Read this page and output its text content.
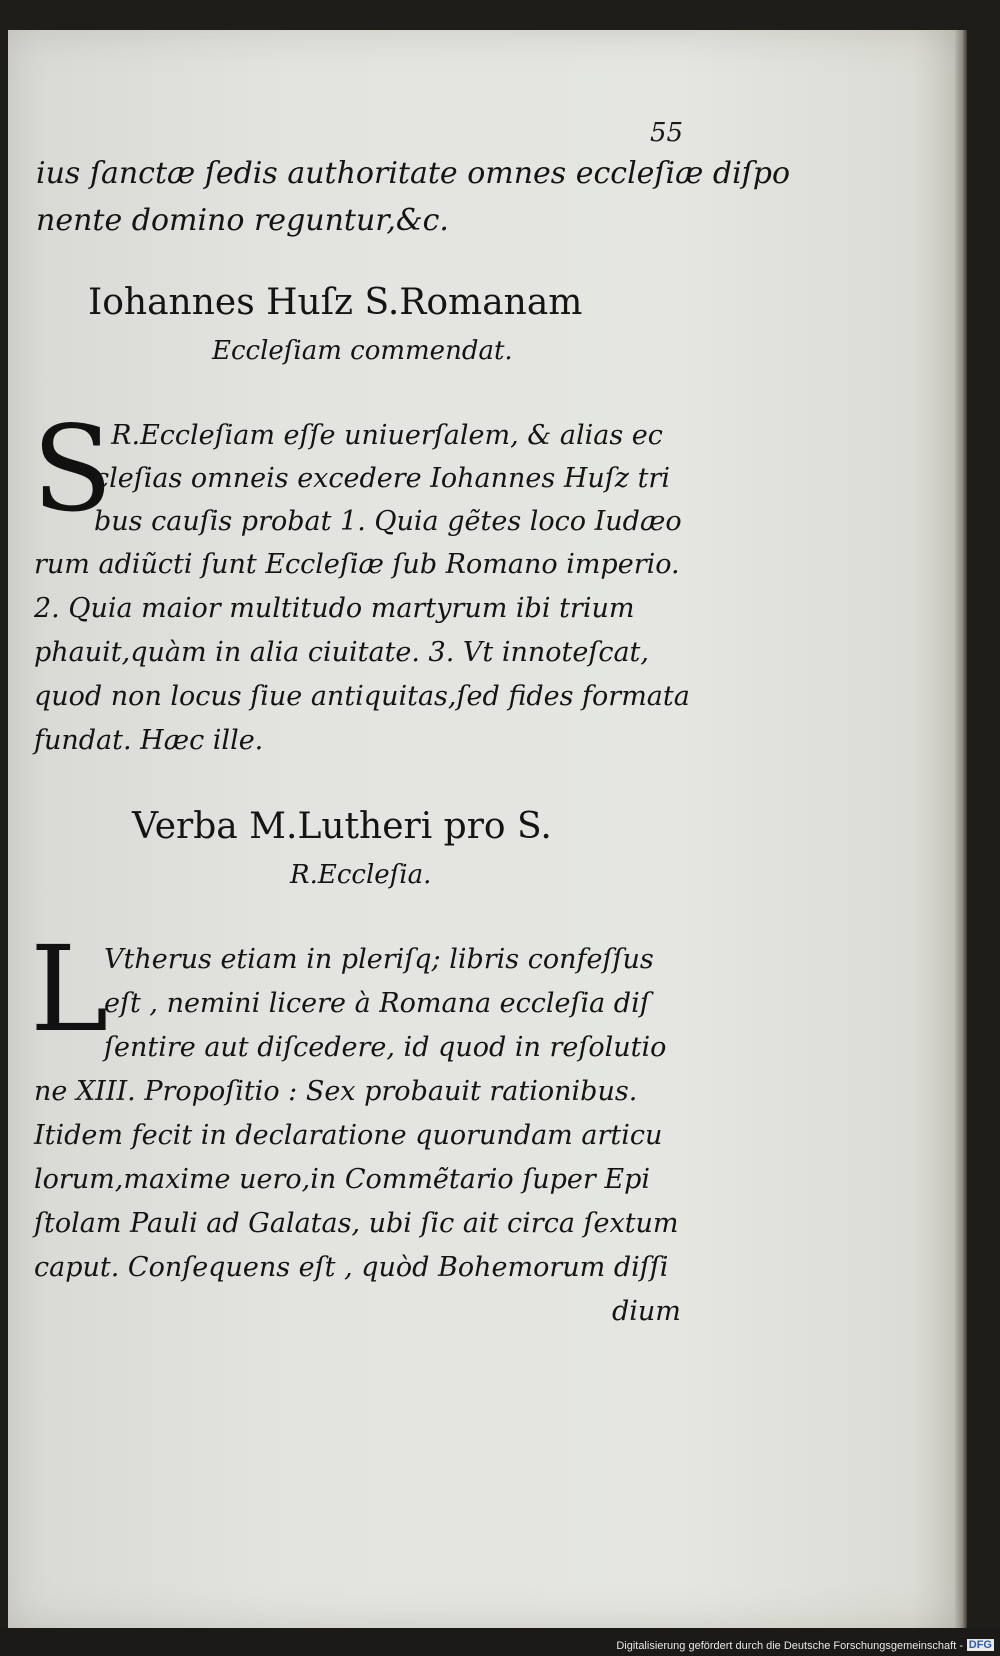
55
ius ſanctæ ſedis authoritate omnes eccleſiæ diſpo
nente domino reguntur,&c.
Iohannes Huſz S.Romanam
Eccleſiam commendat.
S
. R.Eccleſiam eſſe uniuerſalem, & alias ec
cleſias omneis excedere Iohannes Huſz tri
bus cauſis probat 1. Quia gẽtes loco Iudæo
rum adiũcti ſunt Eccleſiæ ſub Romano imperio.
2. Quia maior multitudo martyrum ibi trium
phauit,quàm in alia ciuitate. 3. Vt innoteſcat,
quod non locus ſiue antiquitas,ſed fides formata
fundat. Hæc ille.
Verba M.Lutheri pro S.
R.Eccleſia.
L
Vtherus etiam in pleriſq; libris confeſſus
eſt , nemini licere à Romana eccleſia diſ
ſentire aut diſcedere, id quod in reſolutio
ne XIII. Propoſitio : Sex probauit rationibus.
Itidem fecit in declaratione quorundam articu
lorum,maxime uero,in Commẽtario ſuper Epi
ſtolam Pauli ad Galatas, ubi ſic ait circa ſextum
caput. Conſequens eſt , quòd Bohemorum diſſi
dium
Digitalisierung gefördert durch die Deutsche Forschungsgemeinschaft - DFG
